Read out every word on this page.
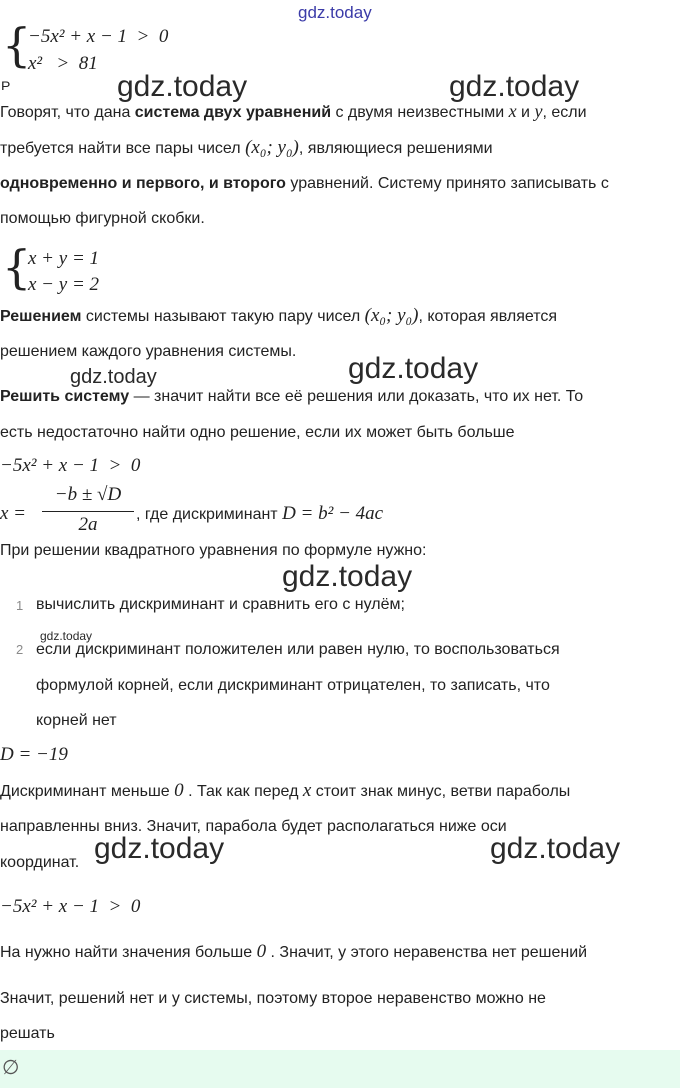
gdz.today
{
−5x² + x − 1  >  0
x²   >  81
Р	gdz.today	gdz.today
Говорят, что дана система двух уравнений с двумя неизвестными x и y, если
требуется найти все пары чисел (x₀; y₀), являющиеся решениями
одновременно и первого, и второго уравнений. Систему принято записывать с
помощью фигурной скобки.
{
x + y = 1
x − y = 2
Решением системы называют такую пару чисел (x₀; y₀), которая является
решением каждого уравнения системы.
gdz.today	gdz.today
Решить систему — значит найти все её решения или доказать, что их нет. То
есть недостаточно найти одно решение, если их может быть больше
−5x² + x − 1  >  0
x =
−b ± √D
2a	, где дискриминант D = b² − 4ac
При решении квадратного уравнения по формуле нужно:
gdz.today
1 вычислить дискриминант и сравнить его с нулём;
gdz.today
2 если дискриминант положителен или равен нулю, то воспользоваться
формулой корней, если дискриминант отрицателен, то записать, что
корней нет
D = −19
Дискриминант меньше 0 . Так как перед x стоит знак минус, ветви параболы
направленны вниз. Значит, парабола будет располагаться ниже оси
координат. gdz.today	gdz.today
−5x² + x − 1  >  0
На нужно найти значения больше 0 . Значит, у этого неравенства нет решений
Значит, решений нет и у системы, поэтому второе неравенство можно не
решать
∅
